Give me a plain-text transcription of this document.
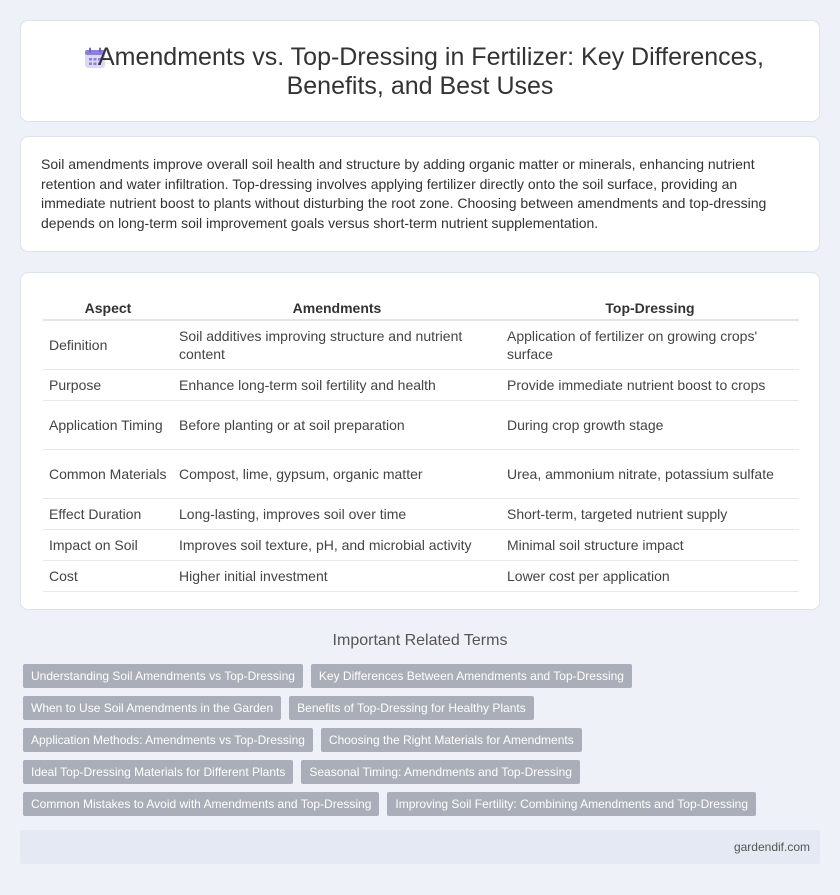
Amendments vs. Top-Dressing in Fertilizer: Key Differences,
Benefits, and Best Uses

Soil amendments improve overall soil health and structure by adding organic matter or minerals, enhancing nutrient retention and water infiltration. Top-dressing involves applying fertilizer directly onto the soil surface, providing an immediate nutrient boost to plants without disturbing the root zone. Choosing between amendments and top-dressing depends on long-term soil improvement goals versus short-term nutrient supplementation.

Aspect	Amendments	Top-Dressing
Definition	Soil additives improving structure and nutrient content	Application of fertilizer on growing crops' surface
Purpose	Enhance long-term soil fertility and health	Provide immediate nutrient boost to crops
Application Timing	Before planting or at soil preparation	During crop growth stage
Common Materials	Compost, lime, gypsum, organic matter	Urea, ammonium nitrate, potassium sulfate
Effect Duration	Long-lasting, improves soil over time	Short-term, targeted nutrient supply
Impact on Soil	Improves soil texture, pH, and microbial activity	Minimal soil structure impact
Cost	Higher initial investment	Lower cost per application
Important Related Terms
Understanding Soil Amendments vs Top-Dressing	Key Differences Between Amendments and Top-Dressing
When to Use Soil Amendments in the Garden	Benefits of Top-Dressing for Healthy Plants
Application Methods: Amendments vs Top-Dressing	Choosing the Right Materials for Amendments
Ideal Top-Dressing Materials for Different Plants	Seasonal Timing: Amendments and Top-Dressing
Common Mistakes to Avoid with Amendments and Top-Dressing	Improving Soil Fertility: Combining Amendments and Top-Dressing
gardendif.com
